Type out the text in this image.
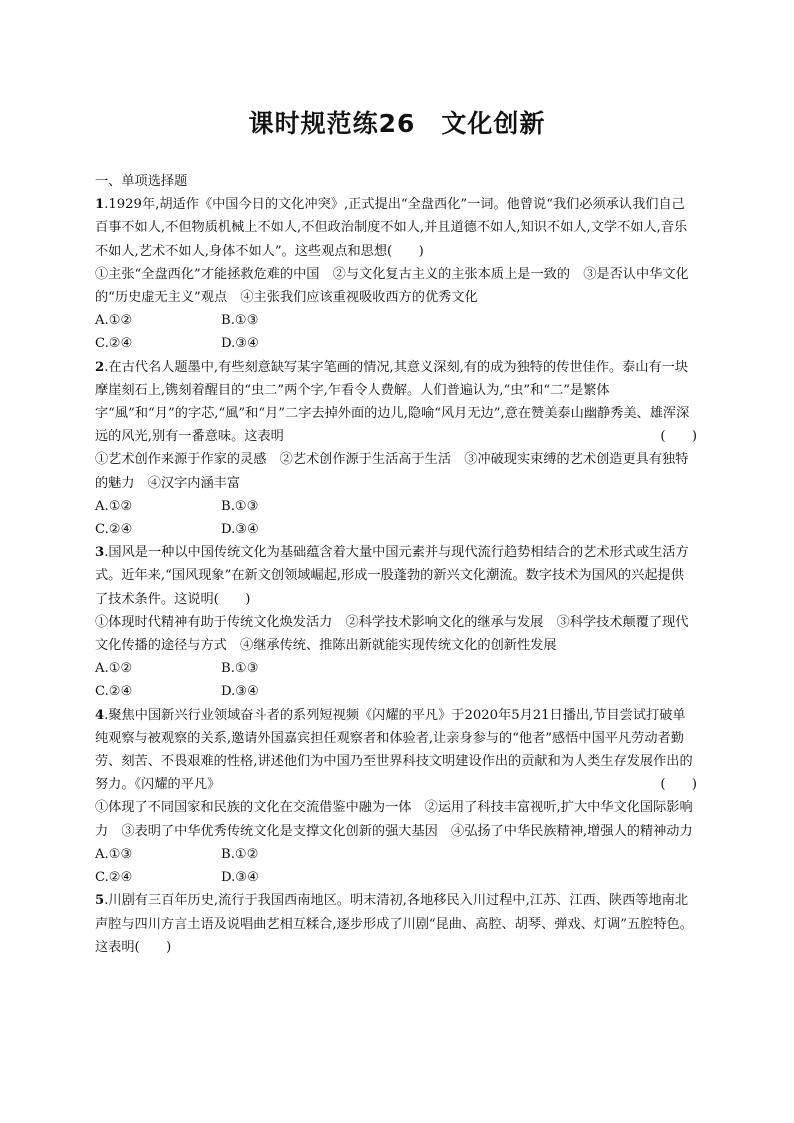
课时规范练26 文化创新

一、单项选择题

1.1929年,胡适作《中国今日的文化冲突》,正式提出“全盘西化”一词。他曾说“我们必须承认我们自己百事不如人,不但物质机械上不如人,不但政治制度不如人,并且道德不如人,知识不如人,文学不如人,音乐不如人,艺术不如人,身体不如人”。这些观点和思想(　　)

①主张“全盘西化”才能拯救危难的中国　②与文化复古主义的主张本质上是一致的　③是否认中华文化的“历史虚无主义”观点　④主张我们应该重视吸收西方的优秀文化

A.①②	B.①③
C.②④	D.③④

2.在古代名人题墨中,有些刻意缺写某字笔画的情况,其意义深刻,有的成为独特的传世佳作。泰山有一块摩崖刻石上,镌刻着醒目的“虫二”两个字,乍看令人费解。人们普遍认为,“虫”和“二”是繁体字“風”和“月”的字芯,“風”和“月”二字去掉外面的边儿,隐喻“风月无边”,意在赞美泰山幽静秀美、雄浑深远的风光,别有一番意味。这表明	(　　)

①艺术创作来源于作家的灵感　②艺术创作源于生活高于生活　③冲破现实束缚的艺术创造更具有独特的魅力　④汉字内涵丰富

A.①②	B.①③
C.②④	D.③④

3.国风是一种以中国传统文化为基础蕴含着大量中国元素并与现代流行趋势相结合的艺术形式或生活方式。近年来,“国风现象”在新文创领域崛起,形成一股蓬勃的新兴文化潮流。数字技术为国风的兴起提供了技术条件。这说明(　　)

①体现时代精神有助于传统文化焕发活力　②科学技术影响文化的继承与发展　③科学技术颠覆了现代文化传播的途径与方式　④继承传统、推陈出新就能实现传统文化的创新性发展

A.①②	B.①③
C.②④	D.③④

4.聚焦中国新兴行业领域奋斗者的系列短视频《闪耀的平凡》于2020年5月21日播出,节目尝试打破单纯观察与被观察的关系,邀请外国嘉宾担任观察者和体验者,让亲身参与的“他者”感悟中国平凡劳动者勤劳、刻苦、不畏艰难的性格,讲述他们为中国乃至世界科技文明建设作出的贡献和为人类生存发展作出的努力。《闪耀的平凡》	(　　)

①体现了不同国家和民族的文化在交流借鉴中融为一体　②运用了科技丰富视听,扩大中华文化国际影响力　③表明了中华优秀传统文化是支撑文化创新的强大基因　④弘扬了中华民族精神,增强人的精神动力

A.①③	B.①②
C.②④	D.③④

5.川剧有三百年历史,流行于我国西南地区。明末清初,各地移民入川过程中,江苏、江西、陕西等地南北声腔与四川方言土语及说唱曲艺相互糅合,逐步形成了川剧“昆曲、高腔、胡琴、弹戏、灯调”五腔特色。这表明(　　)
